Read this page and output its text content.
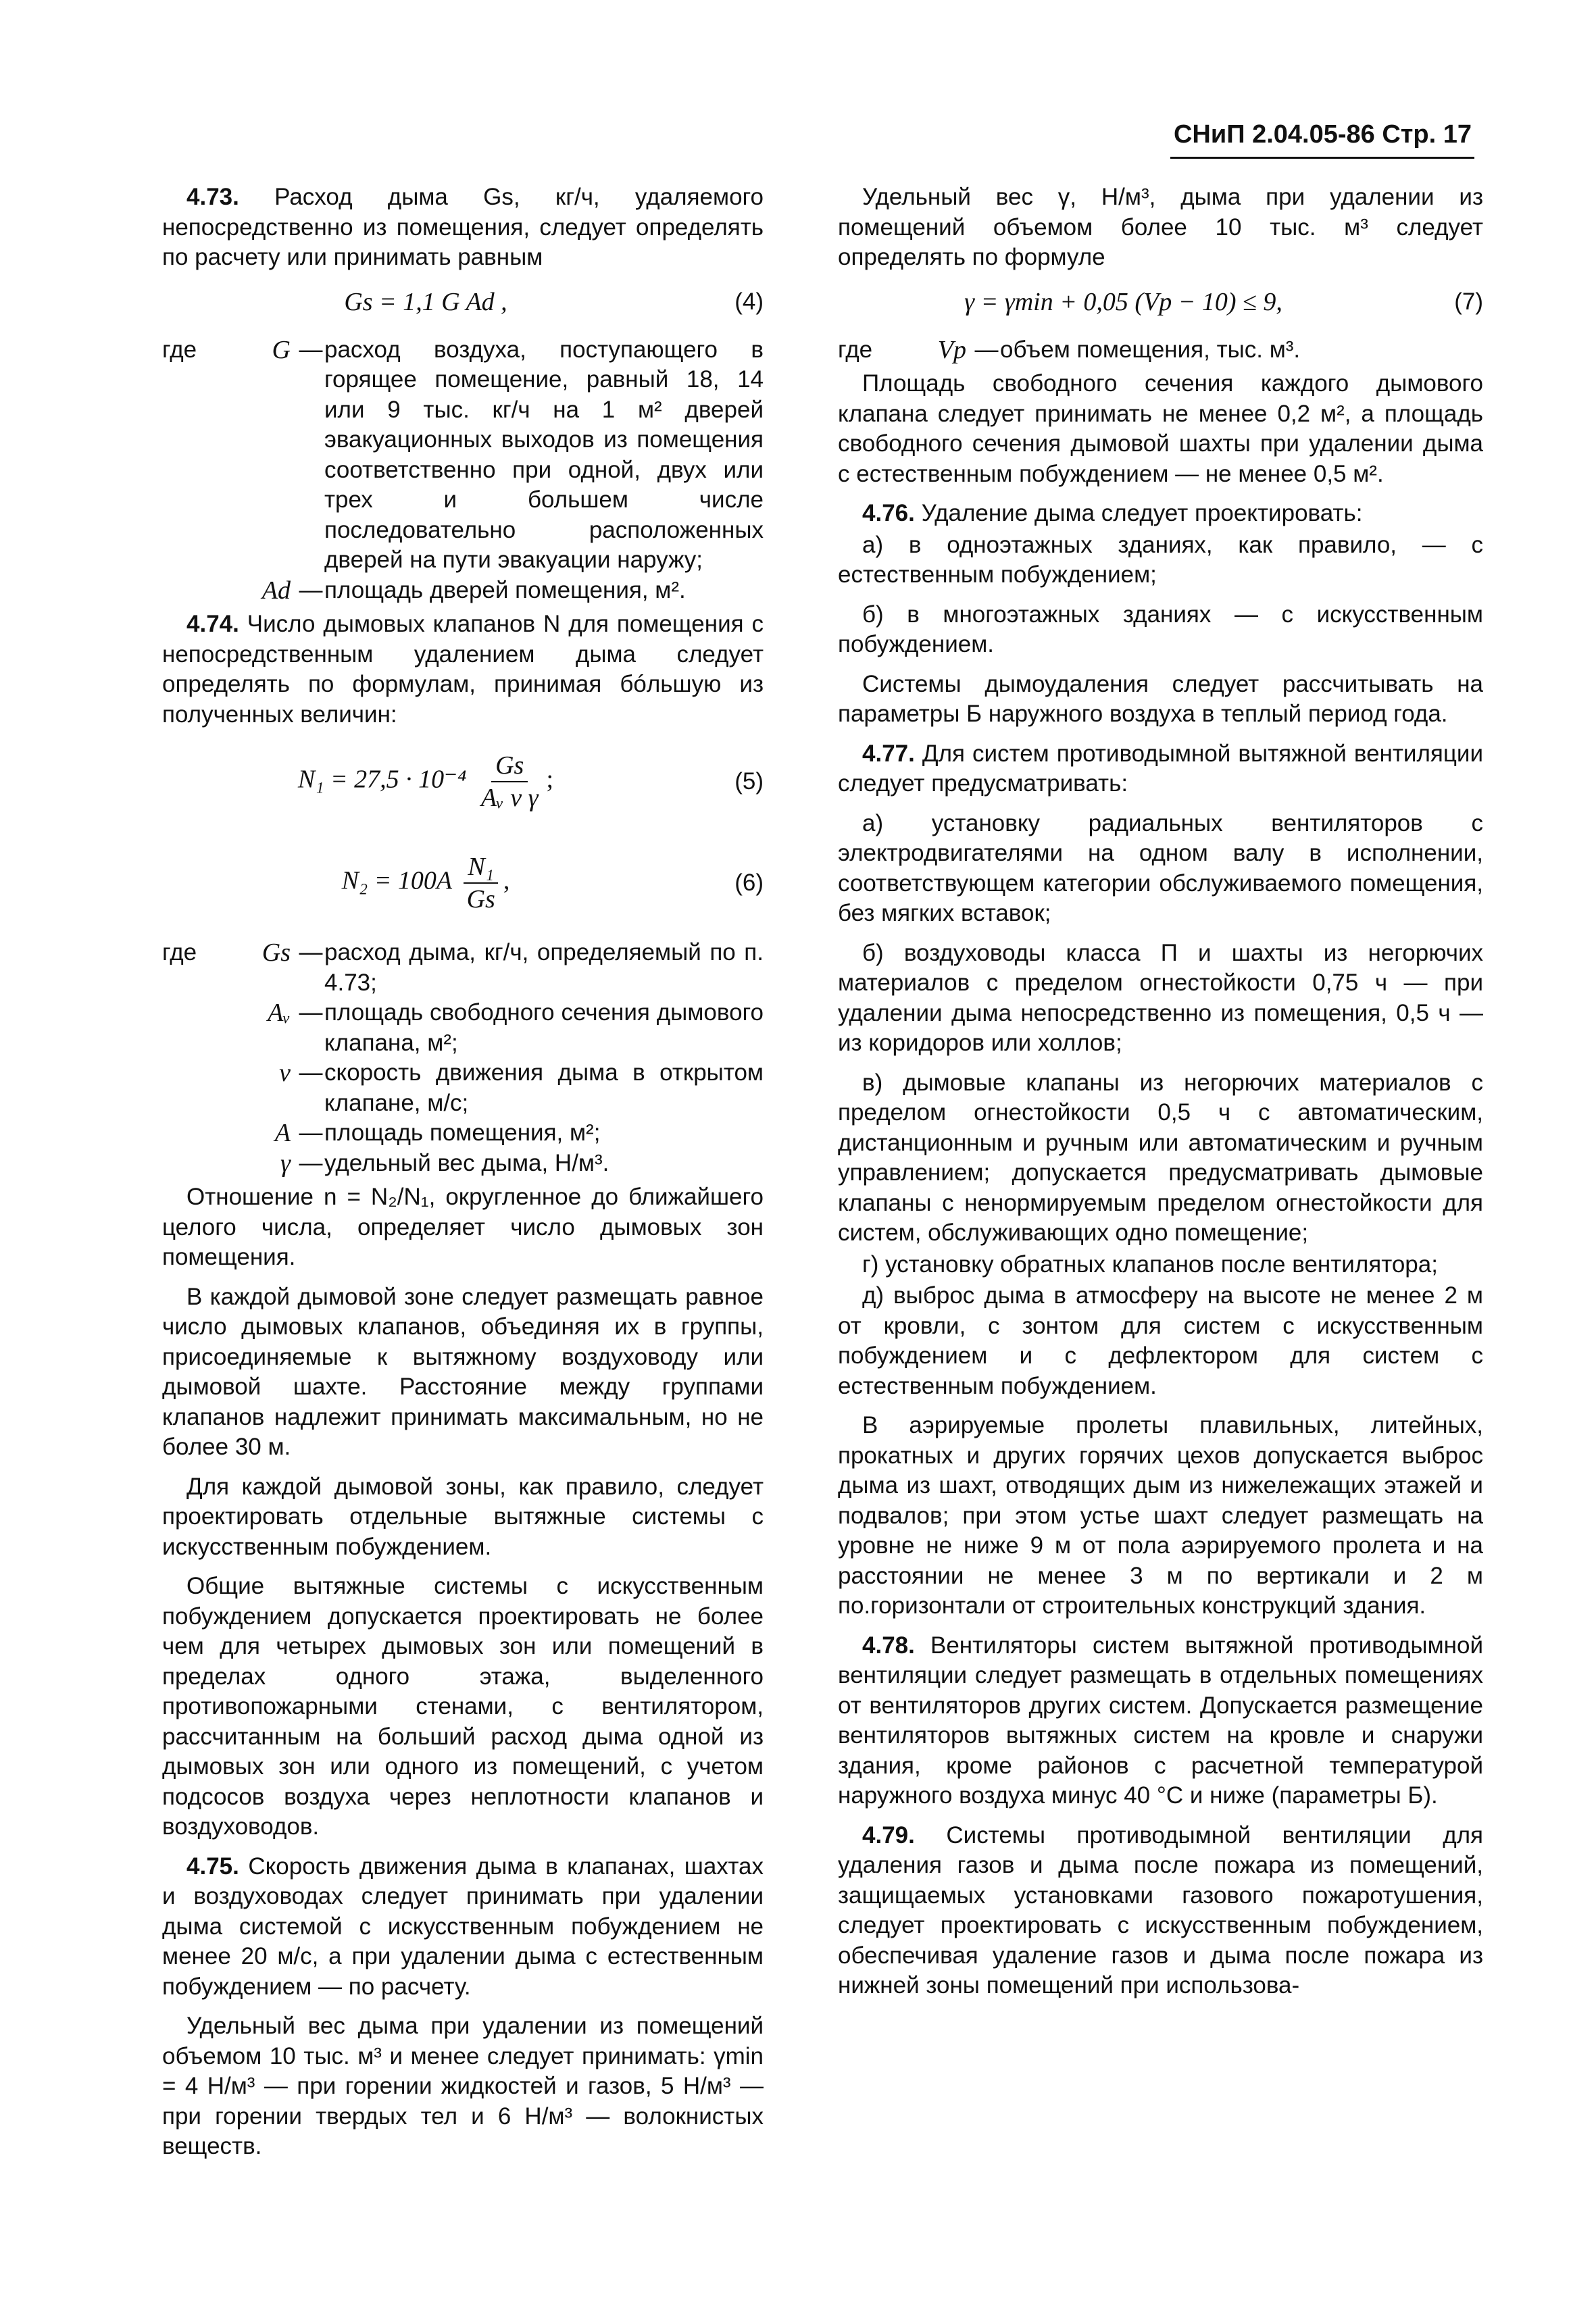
СНиП 2.04.05-86 Стр. 17

4.73. Расход дыма Gs, кг/ч, удаляемого непосредственно из помещения, следует определять по расчету или принимать равным

Gs = 1,1 G Ad ,	(4)
где	G — расход воздуха, поступающего в горящее помещение, равный 18, 14 или 9 тыс. кг/ч на 1 м² дверей эвакуационных выходов из помещения соответственно при одной, двух или трех и большем числе последовательно расположенных дверей на пути эвакуации наружу;
Ad — площадь дверей помещения, м².

4.74. Число дымовых клапанов N для помещения с непосредственным удалением дыма следует определять по формулам, принимая бóльшую из полученных величин:

$N_1 = 27,5 \cdot 10^{-4} \frac{Gs}{\text{Aᵥ v γ}}$ ;	(5)
$N_2 = 100A \frac{\text{N₁}}{Gs}$ ,	(6)
где	Gs — расход дыма, кг/ч, определяемый по п. 4.73;
Aᵥ — площадь свободного сечения дымового клапана, м²;
v — скорость движения дыма в открытом клапане, м/с;
A — площадь помещения, м²;
γ — удельный вес дыма, Н/м³.

Отношение n = N₂/N₁, округленное до ближайшего целого числа, определяет число дымовых зон помещения.

В каждой дымовой зоне следует размещать равное число дымовых клапанов, объединяя их в группы, присоединяемые к вытяжному воздуховоду или дымовой шахте. Расстояние между группами клапанов надлежит принимать максимальным, но не более 30 м.

Для каждой дымовой зоны, как правило, следует проектировать отдельные вытяжные системы с искусственным побуждением.

Общие вытяжные системы с искусственным побуждением допускается проектировать не более чем для четырех дымовых зон или помещений в пределах одного этажа, выделенного противопожарными стенами, с вентилятором, рассчитанным на больший расход дыма одной из дымовых зон или одного из помещений, с учетом подсосов воздуха через неплотности клапанов и воздуховодов.

4.75. Скорость движения дыма в клапанах, шахтах и воздуховодах следует принимать при удалении дыма системой с искусственным побуждением не менее 20 м/с, а при удалении дыма с естественным побуждением — по расчету.

Удельный вес дыма при удалении из помещений объемом 10 тыс. м³ и менее следует принимать: γmin = 4 Н/м³ — при горении жидкостей и газов, 5 Н/м³ — при горении твердых тел и 6 Н/м³ — волокнистых веществ.

Удельный вес γ, Н/м³, дыма при удалении из помещений объемом более 10 тыс. м³ следует определять по формуле

γ = γmin + 0,05 (Vp − 10) ≤ 9,	(7)
где	Vp — объем помещения, тыс. м³.

Площадь свободного сечения каждого дымового клапана следует принимать не менее 0,2 м², а площадь свободного сечения дымовой шахты при удалении дыма с естественным побуждением — не менее 0,5 м².

4.76. Удаление дыма следует проектировать:

а) в одноэтажных зданиях, как правило, — с естественным побуждением;

б) в многоэтажных зданиях — с искусственным побуждением.

Системы дымоудаления следует рассчитывать на параметры Б наружного воздуха в теплый период года.

4.77. Для систем противодымной вытяжной вентиляции следует предусматривать:

а) установку радиальных вентиляторов с электродвигателями на одном валу в исполнении, соответствующем категории обслуживаемого помещения, без мягких вставок;

б) воздуховоды класса П и шахты из негорючих материалов с пределом огнестойкости 0,75 ч — при удалении дыма непосредственно из помещения, 0,5 ч — из коридоров или холлов;

в) дымовые клапаны из негорючих материалов с пределом огнестойкости 0,5 ч с автоматическим, дистанционным и ручным или автоматическим и ручным управлением; допускается предусматривать дымовые клапаны с ненормируемым пределом огнестойкости для систем, обслуживающих одно помещение;

г) установку обратных клапанов после вентилятора;

д) выброс дыма в атмосферу на высоте не менее 2 м от кровли, с зонтом для систем с искусственным побуждением и с дефлектором для систем с естественным побуждением.

В аэрируемые пролеты плавильных, литейных, прокатных и других горячих цехов допускается выброс дыма из шахт, отводящих дым из нижележащих этажей и подвалов; при этом устье шахт следует размещать на уровне не ниже 9 м от пола аэрируемого пролета и на расстоянии не менее 3 м по вертикали и 2 м по.горизонтали от строительных конструкций здания.

4.78. Вентиляторы систем вытяжной противодымной вентиляции следует размещать в отдельных помещениях от вентиляторов других систем. Допускается размещение вентиляторов вытяжных систем на кровле и снаружи здания, кроме районов с расчетной температурой наружного воздуха минус 40 °C и ниже (параметры Б).

4.79. Системы противодымной вентиляции для удаления газов и дыма после пожара из помещений, защищаемых установками газового пожаротушения, следует проектировать с искусственным побуждением, обеспечивая удаление газов и дыма после пожара из нижней зоны помещений при использова-
